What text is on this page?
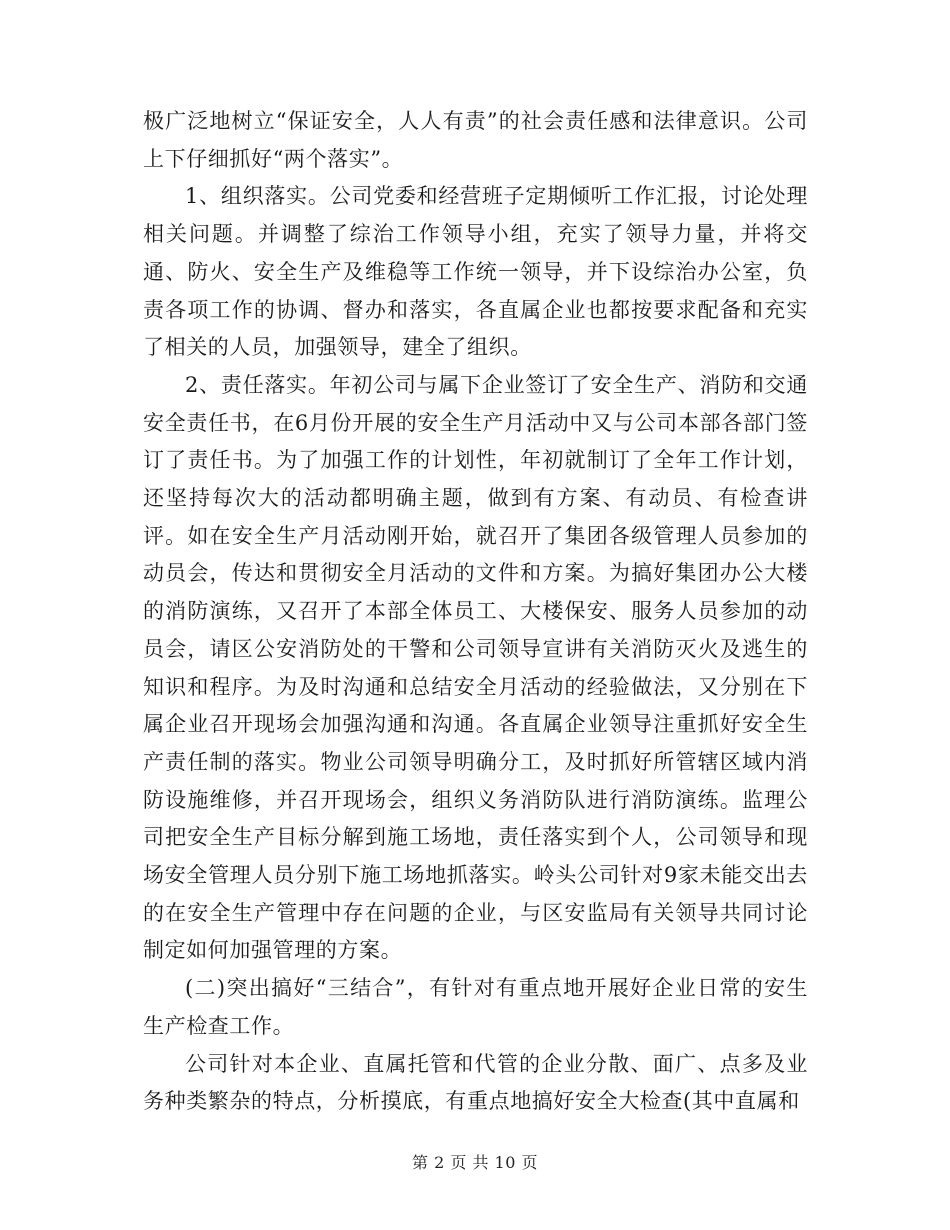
极广泛地树立“保证安全，人人有责”的社会责任感和法律意识。公司上下仔细抓好“两个落实”。

1、组织落实。公司党委和经营班子定期倾听工作汇报，讨论处理相关问题。并调整了综治工作领导小组，充实了领导力量，并将交通、防火、安全生产及维稳等工作统一领导，并下设综治办公室，负责各项工作的协调、督办和落实，各直属企业也都按要求配备和充实了相关的人员，加强领导，建全了组织。

2、责任落实。年初公司与属下企业签订了安全生产、消防和交通安全责任书，在6月份开展的安全生产月活动中又与公司本部各部门签订了责任书。为了加强工作的计划性，年初就制订了全年工作计划，还坚持每次大的活动都明确主题，做到有方案、有动员、有检查讲评。如在安全生产月活动刚开始，就召开了集团各级管理人员参加的动员会，传达和贯彻安全月活动的文件和方案。为搞好集团办公大楼的消防演练，又召开了本部全体员工、大楼保安、服务人员参加的动员会，请区公安消防处的干警和公司领导宣讲有关消防灭火及逃生的知识和程序。为及时沟通和总结安全月活动的经验做法，又分别在下属企业召开现场会加强沟通和沟通。各直属企业领导注重抓好安全生产责任制的落实。物业公司领导明确分工，及时抓好所管辖区域内消防设施维修，并召开现场会，组织义务消防队进行消防演练。监理公司把安全生产目标分解到施工场地，责任落实到个人，公司领导和现场安全管理人员分别下施工场地抓落实。岭头公司针对9家未能交出去的在安全生产管理中存在问题的企业，与区安监局有关领导共同讨论制定如何加强管理的方案。

(二)突出搞好“三结合”，有针对有重点地开展好企业日常的安生生产检查工作。

公司针对本企业、直属托管和代管的企业分散、面广、点多及业务种类繁杂的特点，分析摸底，有重点地搞好安全大检查(其中直属和

第 2 页 共 10 页
